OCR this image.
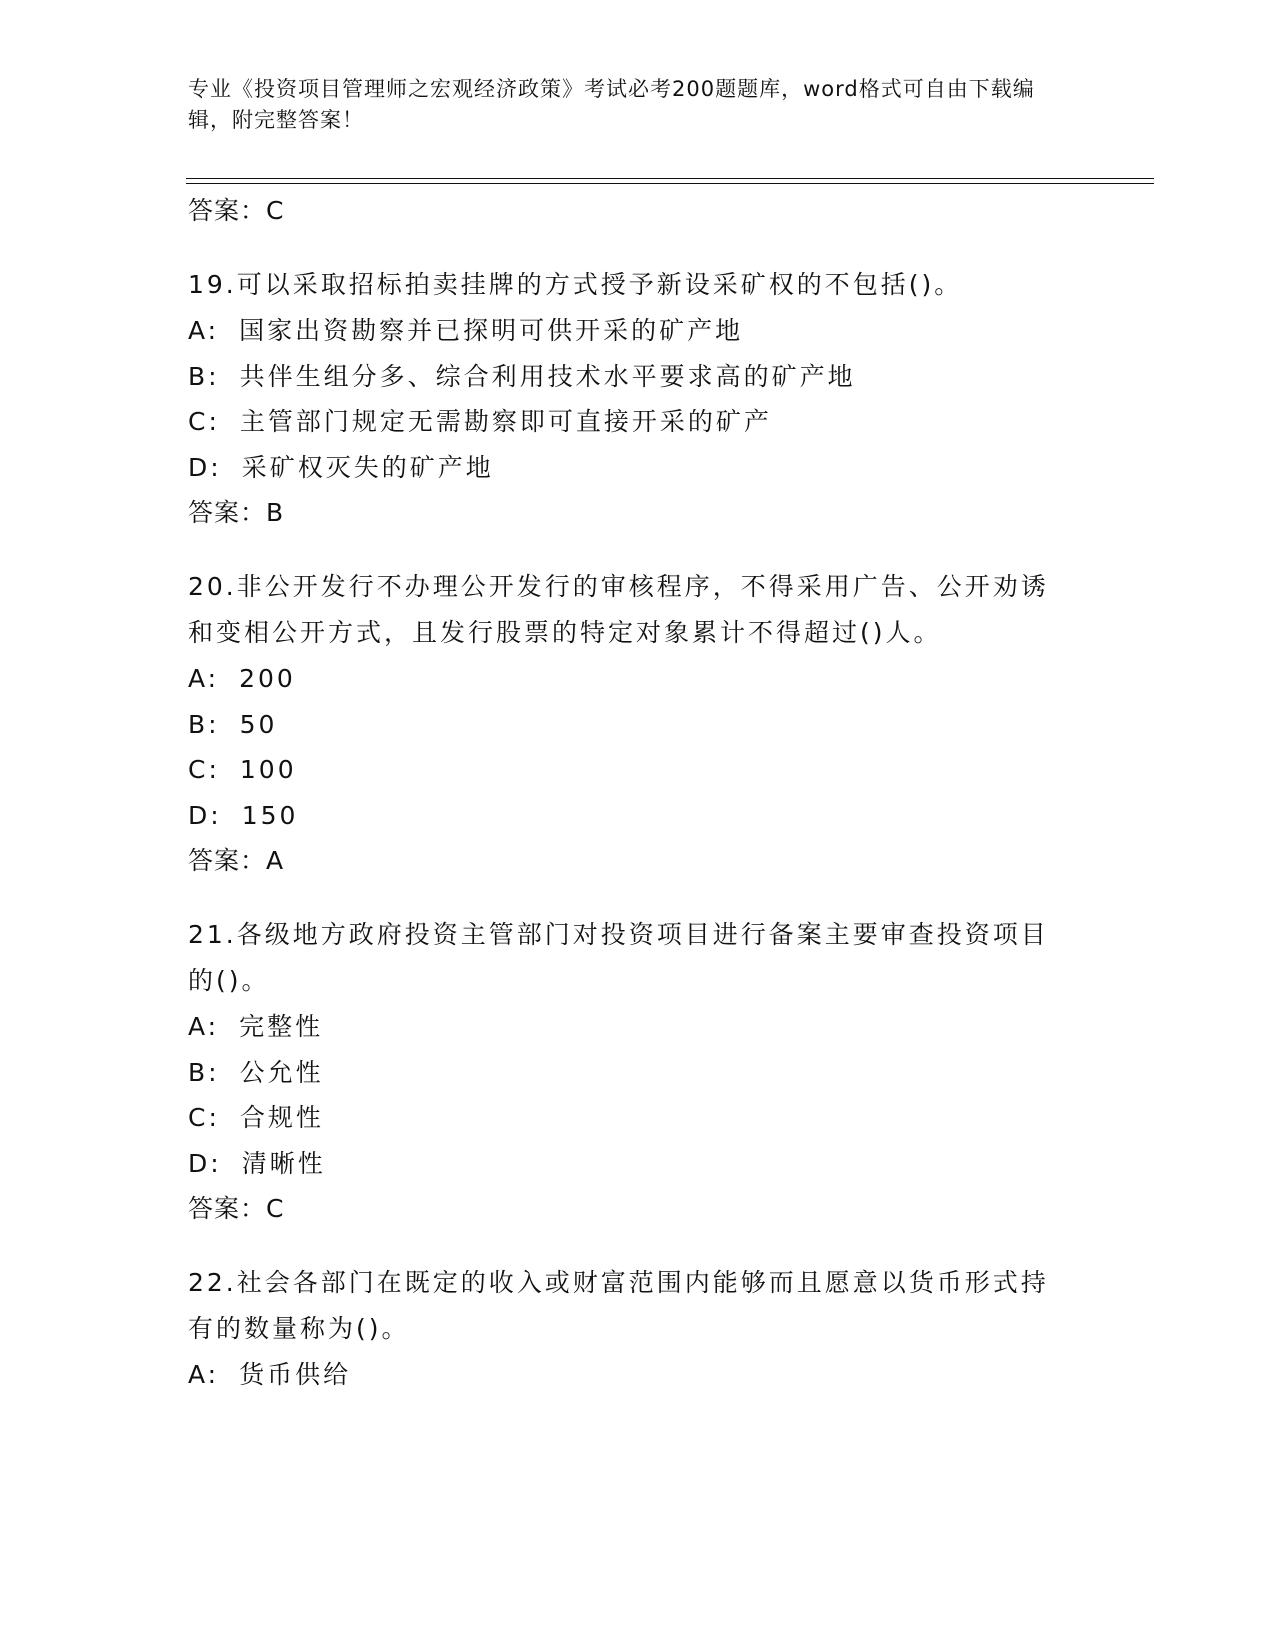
专业《投资项目管理师之宏观经济政策》考试必考200题题库，word格式可自由下载编辑，附完整答案！
答案：C
19.可以采取招标拍卖挂牌的方式授予新设采矿权的不包括()。
A: 国家出资勘察并已探明可供开采的矿产地
B: 共伴生组分多、综合利用技术水平要求高的矿产地
C: 主管部门规定无需勘察即可直接开采的矿产
D: 采矿权灭失的矿产地
答案：B
20.非公开发行不办理公开发行的审核程序，不得采用广告、公开劝诱和变相公开方式，且发行股票的特定对象累计不得超过()人。
A: 200
B: 50
C: 100
D: 150
答案：A
21.各级地方政府投资主管部门对投资项目进行备案主要审查投资项目的()。
A: 完整性
B: 公允性
C: 合规性
D: 清晰性
答案：C
22.社会各部门在既定的收入或财富范围内能够而且愿意以货币形式持有的数量称为()。
A: 货币供给
